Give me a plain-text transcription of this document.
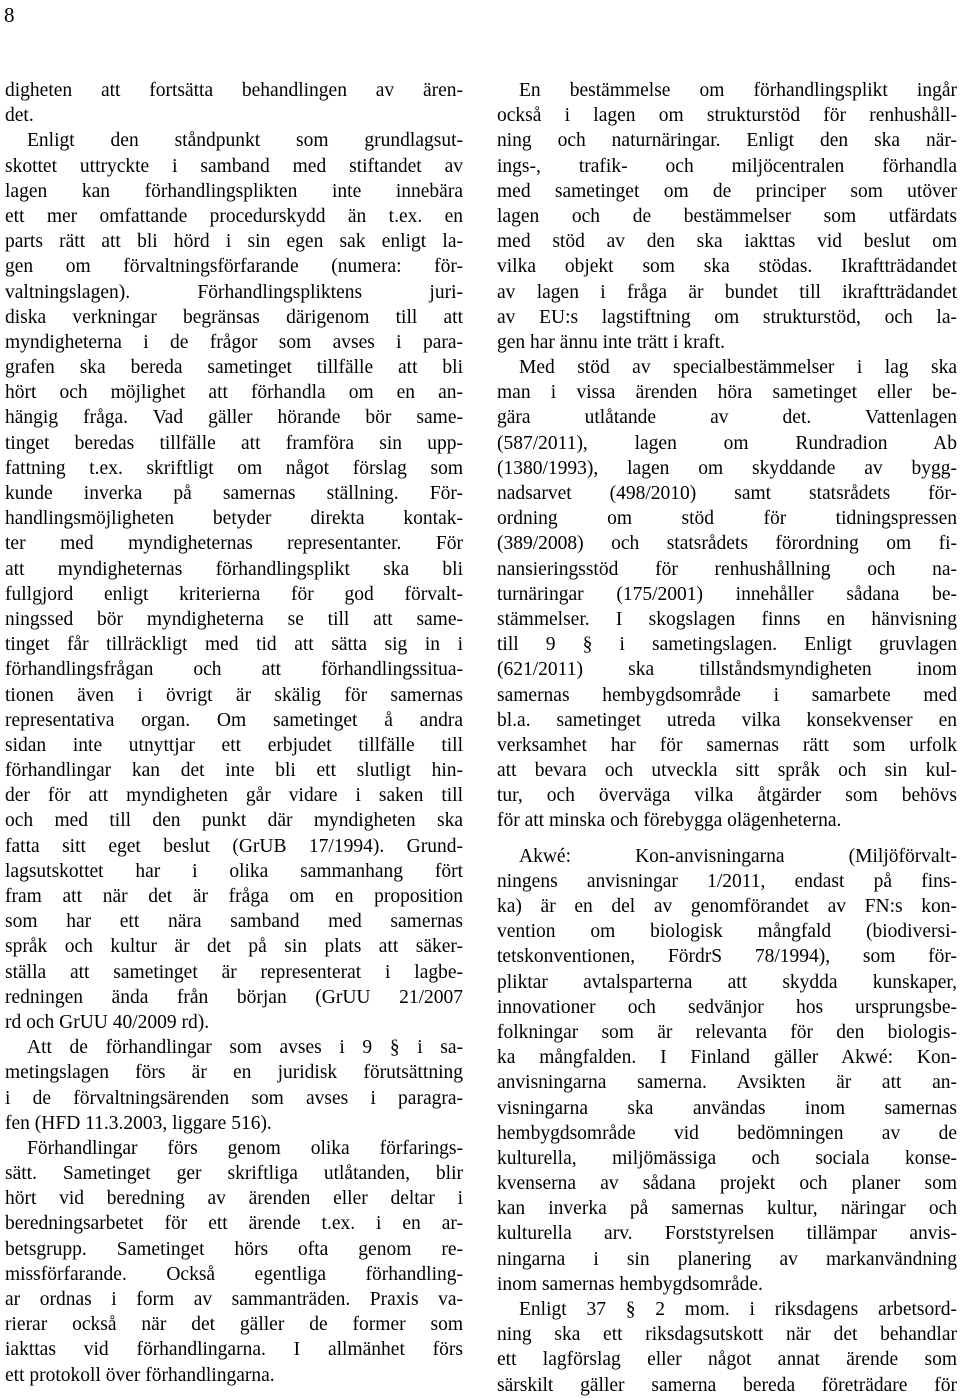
8
digheten att fortsätta behandlingen av ären-
det.
Enligt den ståndpunkt som grundlagsut-
skottet uttryckte i samband med stiftandet av
lagen kan förhandlingsplikten inte innebära
ett mer omfattande procedurskydd än t.ex. en
parts rätt att bli hörd i sin egen sak enligt la-
gen om förvaltningsförfarande (numera: för-
valtningslagen). Förhandlingspliktens juri-
diska verkningar begränsas därigenom till att
myndigheterna i de frågor som avses i para-
grafen ska bereda sametinget tillfälle att bli
hört och möjlighet att förhandla om en an-
hängig fråga. Vad gäller hörande bör same-
tinget beredas tillfälle att framföra sin upp-
fattning t.ex. skriftligt om något förslag som
kunde inverka på samernas ställning. För-
handlingsmöjligheten betyder direkta kontak-
ter med myndigheternas representanter. För
att myndigheternas förhandlingsplikt ska bli
fullgjord enligt kriterierna för god förvalt-
ningssed bör myndigheterna se till att same-
tinget får tillräckligt med tid att sätta sig in i
förhandlingsfrågan och att förhandlingssitua-
tionen även i övrigt är skälig för samernas
representativa organ. Om sametinget å andra
sidan inte utnyttjar ett erbjudet tillfälle till
förhandlingar kan det inte bli ett slutligt hin-
der för att myndigheten går vidare i saken till
och med till den punkt där myndigheten ska
fatta sitt eget beslut (GrUB 17/1994). Grund-
lagsutskottet har i olika sammanhang fört
fram att när det är fråga om en proposition
som har ett nära samband med samernas
språk och kultur är det på sin plats att säker-
ställa att sametinget är representerat i lagbe-
redningen ända från början (GrUU 21/2007
rd och GrUU 40/2009 rd).
Att de förhandlingar som avses i 9 § i sa-
metingslagen förs är en juridisk förutsättning
i de förvaltningsärenden som avses i paragra-
fen (HFD 11.3.2003, liggare 516).
Förhandlingar förs genom olika förfarings-
sätt. Sametinget ger skriftliga utlåtanden, blir
hört vid beredning av ärenden eller deltar i
beredningsarbetet för ett ärende t.ex. i en ar-
betsgrupp. Sametinget hörs ofta genom re-
missförfarande. Också egentliga förhandling-
ar ordnas i form av sammanträden. Praxis va-
rierar också när det gäller de former som
iakttas vid förhandlingarna. I allmänhet förs
ett protokoll över förhandlingarna.
En bestämmelse om förhandlingsplikt ingår
också i lagen om strukturstöd för renhushåll-
ning och naturnäringar. Enligt den ska när-
ings-, trafik- och miljöcentralen förhandla
med sametinget om de principer som utöver
lagen och de bestämmelser som utfärdats
med stöd av den ska iakttas vid beslut om
vilka objekt som ska stödas. Ikraftträdandet
av lagen i fråga är bundet till ikraftträdandet
av EU:s lagstiftning om strukturstöd, och la-
gen har ännu inte trätt i kraft.
Med stöd av specialbestämmelser i lag ska
man i vissa ärenden höra sametinget eller be-
gära utlåtande av det. Vattenlagen
(587/2011), lagen om Rundradion Ab
(1380/1993), lagen om skyddande av bygg-
nadsarvet (498/2010) samt statsrådets för-
ordning om stöd för tidningspressen
(389/2008) och statsrådets förordning om fi-
nansieringsstöd för renhushållning och na-
turnäringar (175/2001) innehåller sådana be-
stämmelser. I skogslagen finns en hänvisning
till 9 § i sametingslagen. Enligt gruvlagen
(621/2011) ska tillståndsmyndigheten inom
samernas hembygdsområde i samarbete med
bl.a. sametinget utreda vilka konsekvenser en
verksamhet har för samernas rätt som urfolk
att bevara och utveckla sitt språk och sin kul-
tur, och överväga vilka åtgärder som behövs
för att minska och förebygga olägenheterna.
Akwé: Kon-anvisningarna (Miljöförvalt-
ningens anvisningar 1/2011, endast på fins-
ka) är en del av genomförandet av FN:s kon-
vention om biologisk mångfald (biodiversi-
tetskonventionen, FördrS 78/1994), som för-
pliktar avtalsparterna att skydda kunskaper,
innovationer och sedvänjor hos ursprungsbe-
folkningar som är relevanta för den biologis-
ka mångfalden. I Finland gäller Akwé: Kon-
anvisningarna samerna. Avsikten är att an-
visningarna ska användas inom samernas
hembygdsområde vid bedömningen av de
kulturella, miljömässiga och sociala konse-
kvenserna av sådana projekt och planer som
kan inverka på samernas kultur, näringar och
kulturella arv. Forststyrelsen tillämpar anvis-
ningarna i sin planering av markanvändning
inom samernas hembygdsområde.
Enligt 37 § 2 mom. i riksdagens arbetsord-
ning ska ett riksdagsutskott när det behandlar
ett lagförslag eller något annat ärende som
särskilt gäller samerna bereda företrädare för
